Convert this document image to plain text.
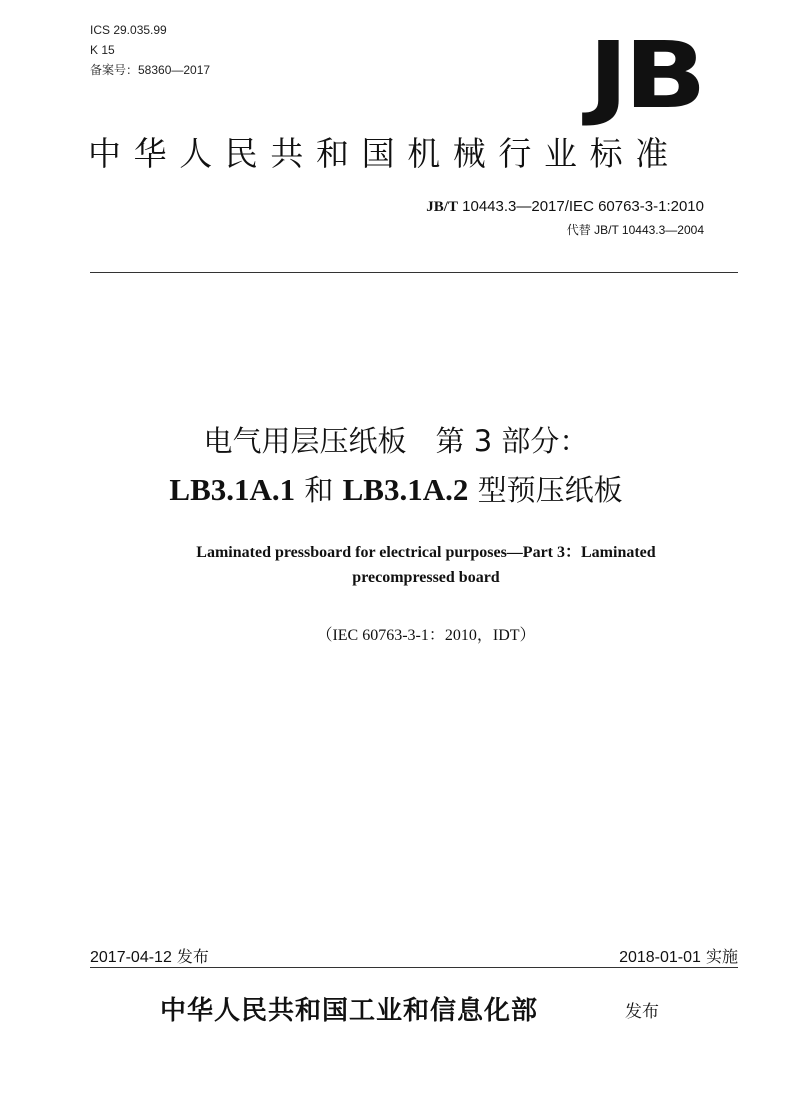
ICS 29.035.99
K 15
备案号：58360—2017	JB
中华人民共和国机械行业标准
JB/T 10443.3—2017/IEC 60763-3-1:2010
代替 JB/T 10443.3—2004
电气用层压纸板　第 3 部分：
LB3.1A.1 和 LB3.1A.2 型预压纸板
Laminated pressboard for electrical purposes—Part 3：Laminated
precompressed board
（IEC 60763-3-1：2010，IDT）
2017-04-12 发布	2018-01-01 实施
中华人民共和国工业和信息化部	发布
